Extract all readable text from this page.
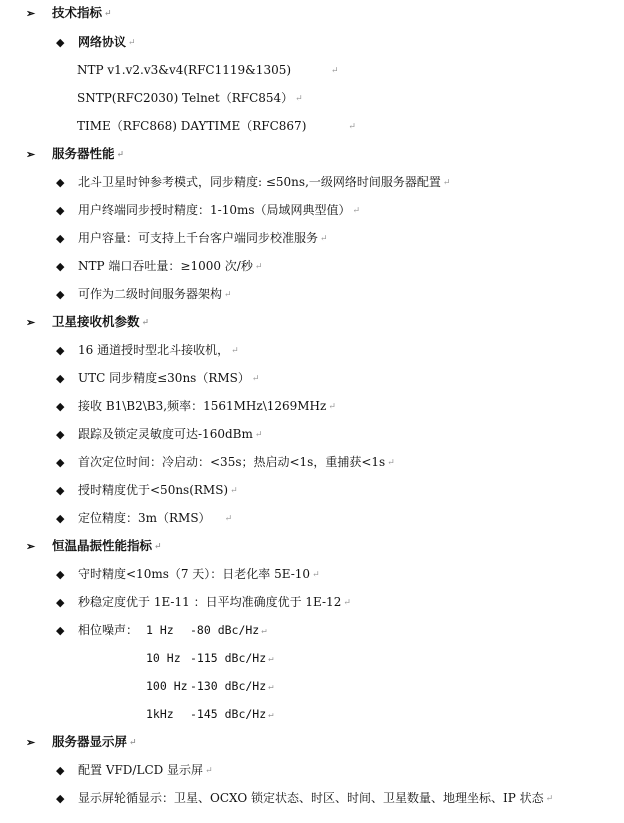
➢ 技术指标 ↵
◆ 网络协议 ↵
NTP v1.v2.v3&v4(RFC1119&1305)	↵
SNTP(RFC2030) Telnet（RFC854） ↵
TIME（RFC868) DAYTIME（RFC867)	↵
➢ 服务器性能 ↵
◆ 北斗卫星时钟参考模式，同步精度: ≤50ns,一级网络时间服务器配置 ↵
◆ 用户终端同步授时精度：1-10ms（局域网典型值） ↵
◆ 用户容量：可支持上千台客户端同步校准服务 ↵
◆ NTP 端口吞吐量：≥1000 次/秒 ↵
◆ 可作为二级时间服务器架构 ↵
➢ 卫星接收机参数 ↵
◆ 16 通道授时型北斗接收机， ↵
◆ UTC 同步精度≤30ns（RMS） ↵
◆ 接收 B1\B2\B3,频率：1561MHz\1269MHz ↵
◆ 跟踪及锁定灵敏度可达-160dBm ↵
◆ 首次定位时间：冷启动：<35s；热启动<1s，重捕获<1s ↵
◆ 授时精度优于<50ns(RMS) ↵
◆ 定位精度：3m（RMS） ↵
➢ 恒温晶振性能指标 ↵
◆ 守时精度<10ms（7 天）：日老化率 5E-10 ↵
◆ 秒稳定度优于 1E-11 ：日平均准确度优于 1E-12 ↵
◆ 相位噪声： 1 Hz -80 dBc/Hz ↵
10 Hz -115 dBc/Hz ↵
100 Hz -130 dBc/Hz ↵
1kHz -145 dBc/Hz ↵
➢ 服务器显示屏 ↵
◆ 配置 VFD/LCD 显示屏 ↵
◆ 显示屏轮循显示：卫星、OCXO 锁定状态、时区、时间、卫星数量、地理坐标、IP 状态 ↵
